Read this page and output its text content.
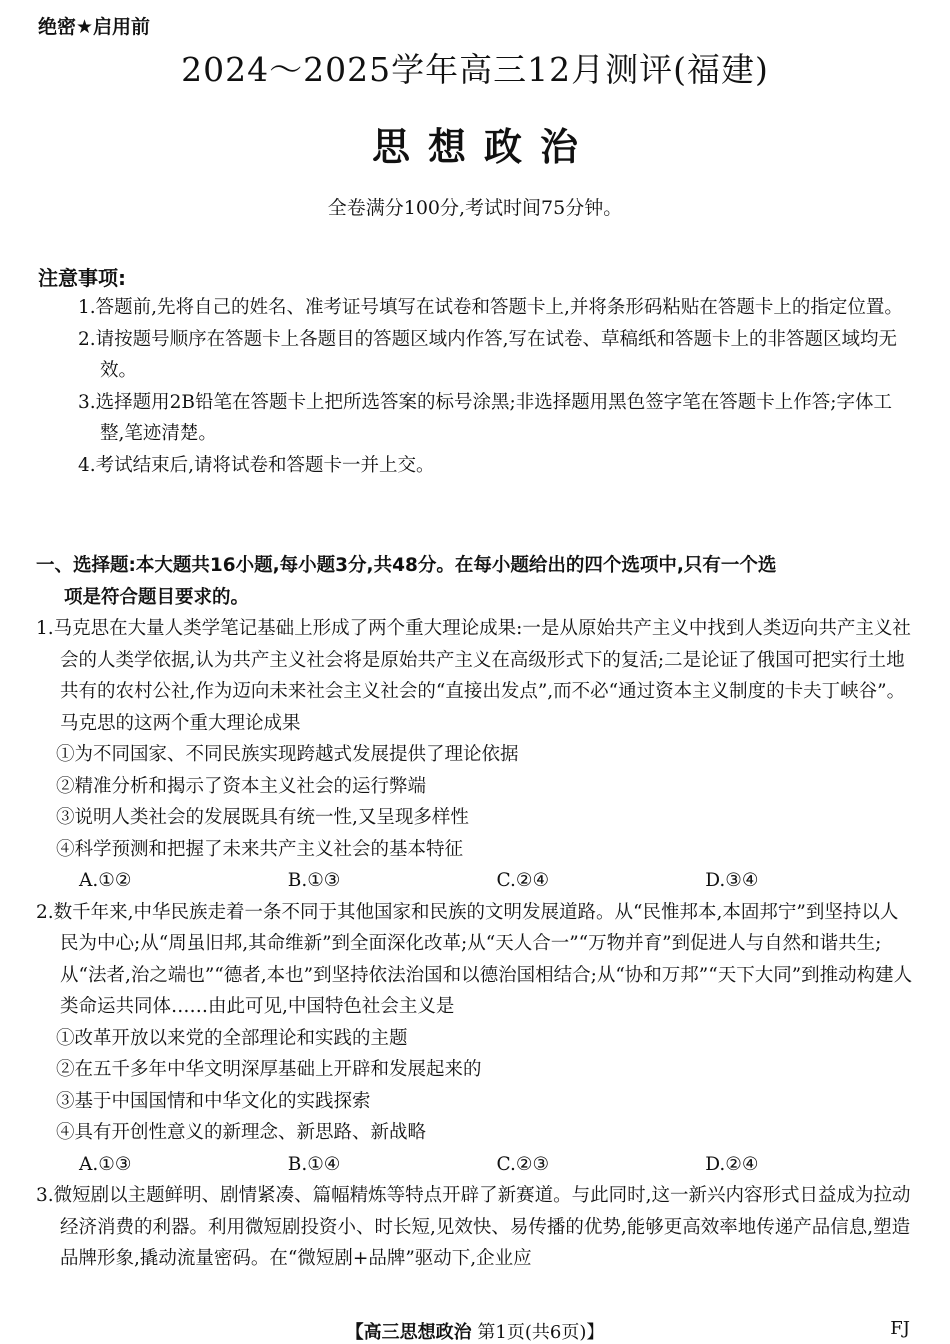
绝密★启用前
2024～2025学年高三12月测评(福建)
思想政治
全卷满分100分,考试时间75分钟。
注意事项:

1.答题前,先将自己的姓名、准考证号填写在试卷和答题卡上,并将条形码粘贴在答题卡上的指定位置。

2.请按题号顺序在答题卡上各题目的答题区域内作答,写在试卷、草稿纸和答题卡上的非答题区域均无效。

3.选择题用2B铅笔在答题卡上把所选答案的标号涂黑;非选择题用黑色签字笔在答题卡上作答;字体工整,笔迹清楚。

4.考试结束后,请将试卷和答题卡一并上交。

一、选择题:本大题共16小题,每小题3分,共48分。在每小题给出的四个选项中,只有一个选
项是符合题目要求的。

1.马克思在大量人类学笔记基础上形成了两个重大理论成果:一是从原始共产主义中找到人类迈向共产主义社会的人类学依据,认为共产主义社会将是原始共产主义在高级形式下的复活;二是论证了俄国可把实行土地共有的农村公社,作为迈向未来社会主义社会的“直接出发点”,而不必“通过资本主义制度的卡夫丁峡谷”。马克思的这两个重大理论成果

①为不同国家、不同民族实现跨越式发展提供了理论依据

②精准分析和揭示了资本主义社会的运行弊端

③说明人类社会的发展既具有统一性,又呈现多样性

④科学预测和把握了未来共产主义社会的基本特征

A.①②	B.①③	C.②④	D.③④

2.数千年来,中华民族走着一条不同于其他国家和民族的文明发展道路。从“民惟邦本,本固邦宁”到坚持以人民为中心;从“周虽旧邦,其命维新”到全面深化改革;从“天人合一”“万物并育”到促进人与自然和谐共生;从“法者,治之端也”“德者,本也”到坚持依法治国和以德治国相结合;从“协和万邦”“天下大同”到推动构建人类命运共同体……由此可见,中国特色社会主义是

①改革开放以来党的全部理论和实践的主题

②在五千多年中华文明深厚基础上开辟和发展起来的

③基于中国国情和中华文化的实践探索

④具有开创性意义的新理念、新思路、新战略

A.①③	B.①④	C.②③	D.②④

3.微短剧以主题鲜明、剧情紧凑、篇幅精炼等特点开辟了新赛道。与此同时,这一新兴内容形式日益成为拉动经济消费的利器。利用微短剧投资小、时长短,见效快、易传播的优势,能够更高效率地传递产品信息,塑造品牌形象,撬动流量密码。在“微短剧+品牌”驱动下,企业应

【高三思想政治 第1页(共6页)】	FJ
